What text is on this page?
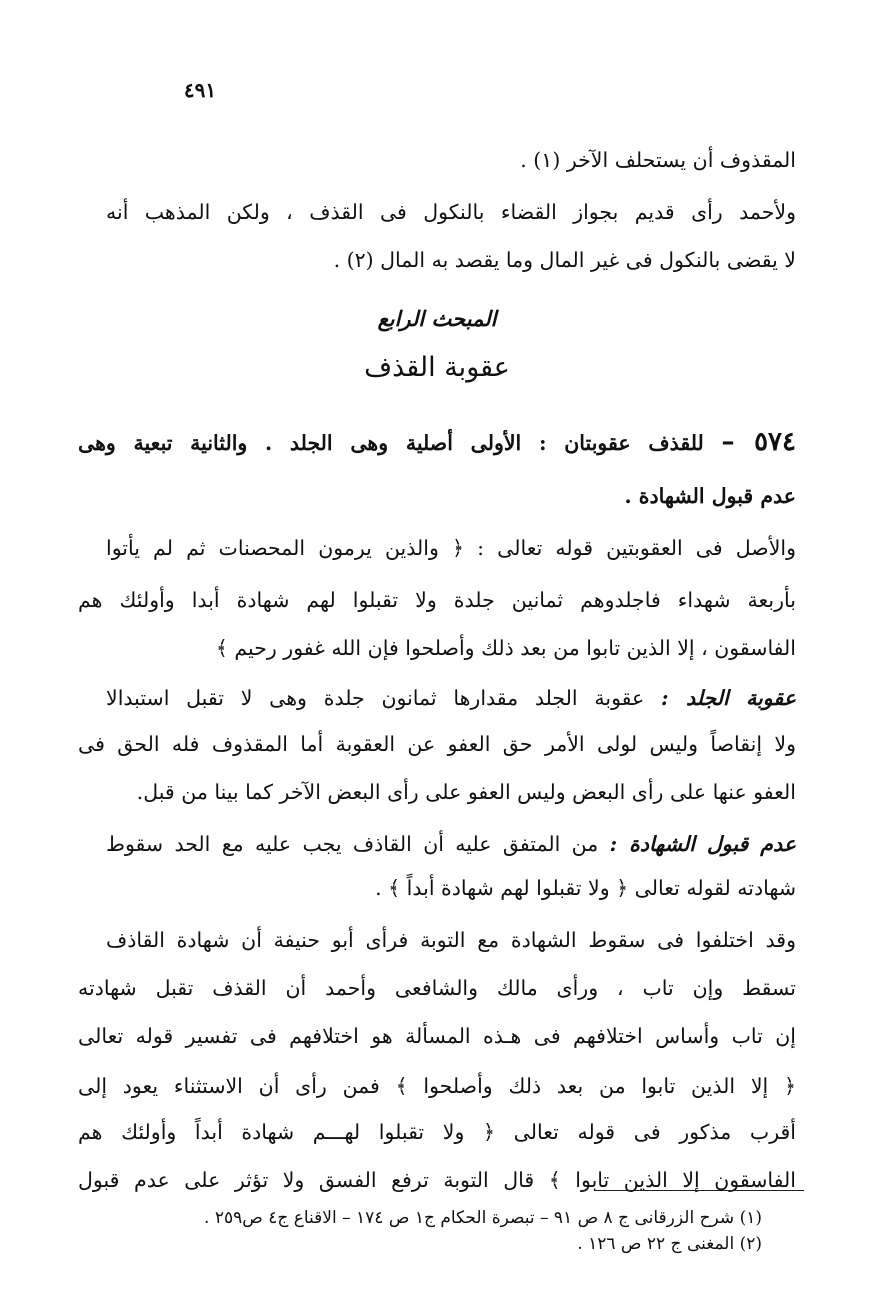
٤٩١
المقذوف أن يستحلف الآخر (١) .
ولأحمد رأى قديم بجواز القضاء بالنكول فى القذف ، ولكن المذهب أنه
لا يقضى بالنكول فى غير المال وما يقصد به المال (٢) .
المبحث الرابع
عقوبة القذف
٥٧٤ – للقذف عقوبتان : الأولى أصلية وهى الجلد . والثانية تبعية وهى
عدم قبول الشهادة .
والأصل فى العقوبتين قوله تعالى : ﴿ والذين يرمون المحصنات ثم لم يأتوا
بأربعة شهداء فاجلدوهم ثمانين جلدة ولا تقبلوا لهم شهادة أبدا وأولئك هم
الفاسقون ، إلا الذين تابوا من بعد ذلك وأصلحوا فإن الله غفور رحيم ﴾
عقوبة الجلد : عقوبة الجلد مقدارها ثمانون جلدة وهى لا تقبل استبدالا
ولا إنقاصاً وليس لولى الأمر حق العفو عن العقوبة أما المقذوف فله الحق فى
العفو عنها على رأى البعض وليس العفو على رأى البعض الآخر كما بينا من قبل.
عدم قبول الشهادة : من المتفق عليه أن القاذف يجب عليه مع الحد سقوط
شهادته لقوله تعالى ﴿ ولا تقبلوا لهم شهادة أبداً ﴾ .
وقد اختلفوا فى سقوط الشهادة مع التوبة فرأى أبو حنيفة أن شهادة القاذف
تسقط وإن تاب ، ورأى مالك والشافعى وأحمد أن القذف تقبل شهادته
إن تاب وأساس اختلافهم فى هـذه المسألة هو اختلافهم فى تفسير قوله تعالى
﴿ إلا الذين تابوا من بعد ذلك وأصلحوا ﴾ فمن رأى أن الاستثناء يعود إلى
أقرب مذكور فى قوله تعالى ﴿ ولا تقبلوا لهـــم شهادة أبداً وأولئك هم
الفاسقون إلا الذين تابوا ﴾ قال التوبة ترفع الفسق ولا تؤثر على عدم قبول
(١) شرح الزرقانى ج ٨ ص ٩١ – تبصرة الحكام ج١ ص ١٧٤ – الاقناع ج٤ ص٢٥٩ .
(٢) المغنى ج ٢٢ ص ١٢٦ .
